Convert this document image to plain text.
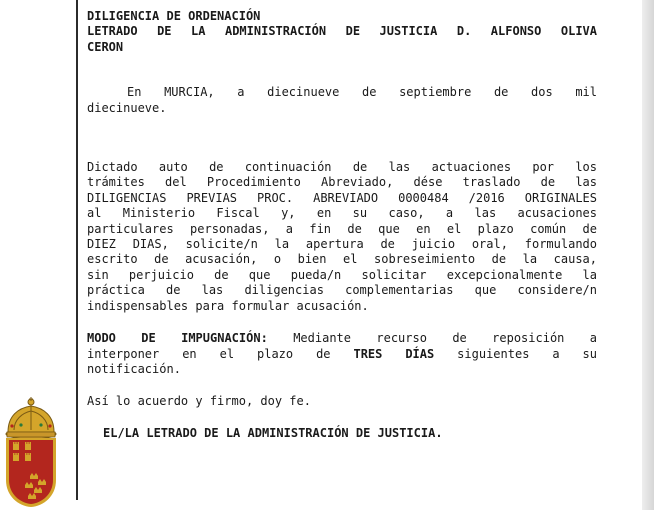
DILIGENCIA DE ORDENACIÓN

LETRADO DE LA ADMINISTRACIÓN DE JUSTICIA D. ALFONSO OLIVA

CERON

En MURCIA, a diecinueve de septiembre de dos mil

diecinueve.

Dictado auto de continuación de las actuaciones por los

trámites del Procedimiento Abreviado, dése traslado de las

DILIGENCIAS PREVIAS PROC. ABREVIADO 0000484 /2016 ORIGINALES

al Ministerio Fiscal y, en su caso, a las acusaciones

particulares personadas, a fin de que en el plazo común de

DIEZ DIAS, solicite/n la apertura de juicio oral, formulando

escrito de acusación, o bien el sobreseimiento de la causa,

sin perjuicio de que pueda/n solicitar excepcionalmente la

práctica de las diligencias complementarias que considere/n

indispensables para formular acusación.

MODO DE IMPUGNACIÓN: Mediante recurso de reposición a

interponer en el plazo de TRES DÍAS siguientes a su

notificación.

Así lo acuerdo y firmo, doy fe.

EL/LA LETRADO DE LA ADMINISTRACIÓN DE JUSTICIA.
